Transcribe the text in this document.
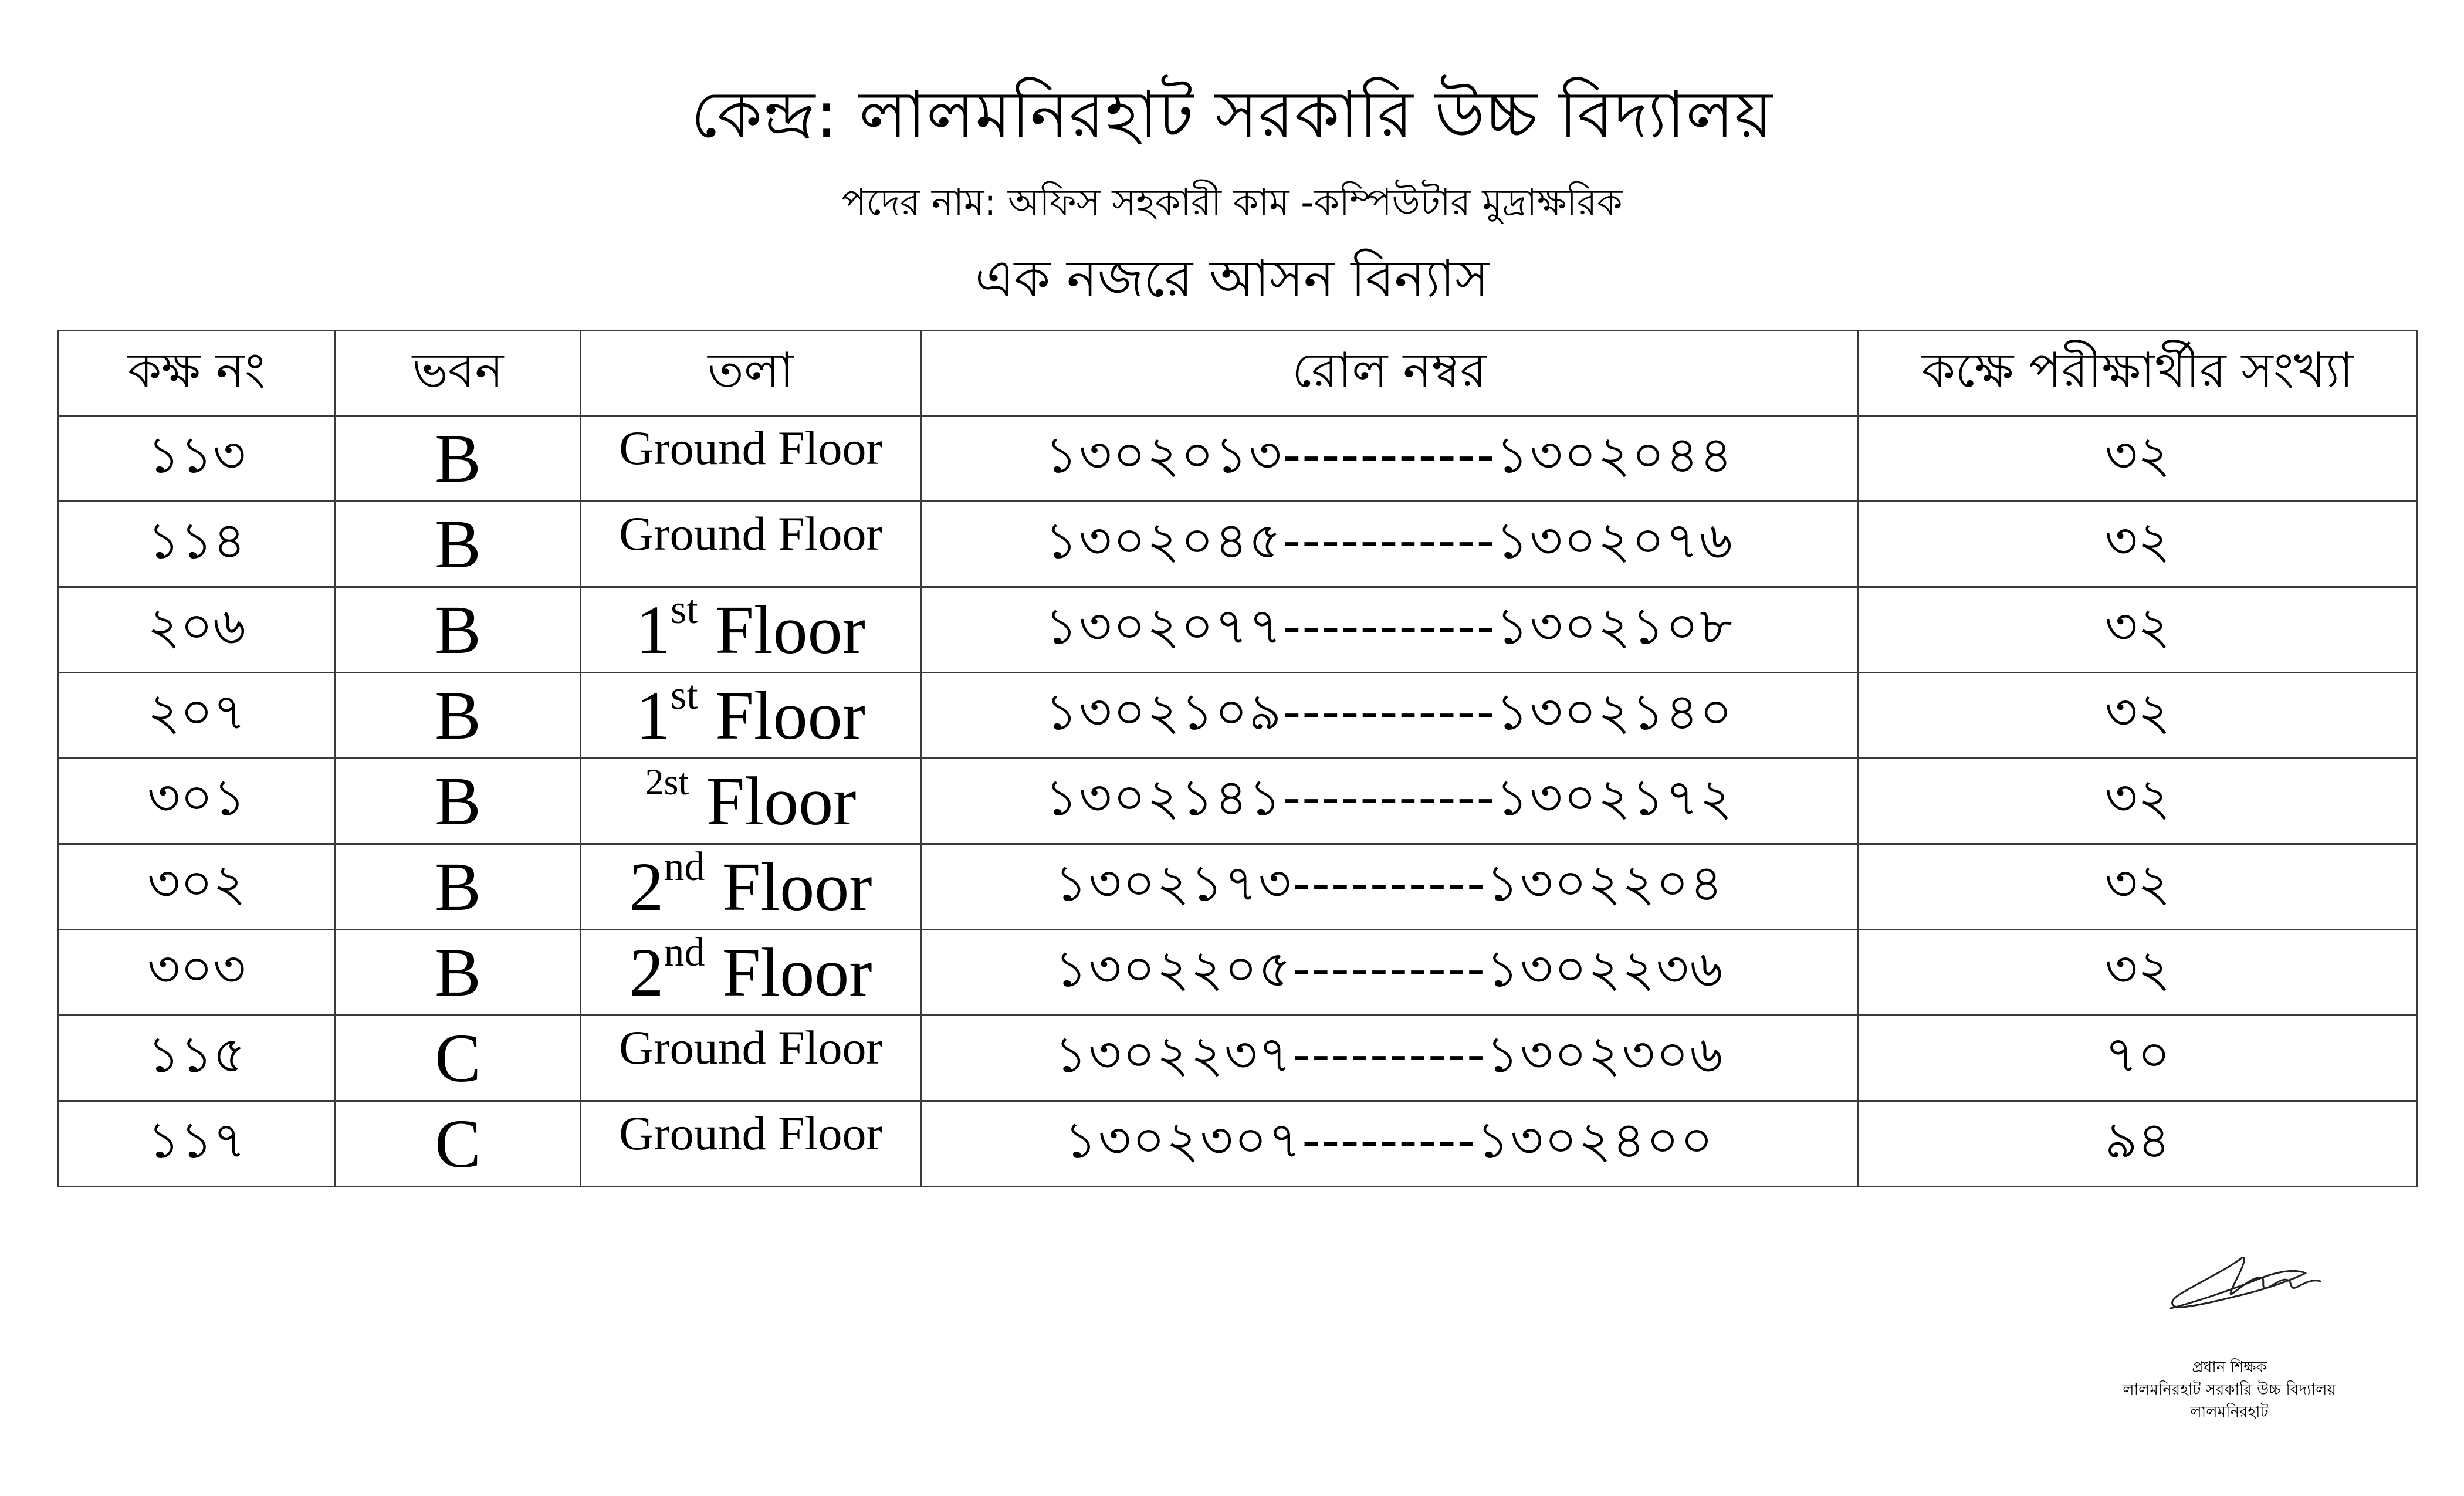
কেন্দ্র: লালমনিরহাট সরকারি উচ্চ বিদ্যালয়
পদের নাম: অফিস সহকারী কাম -কম্পিউটার মুদ্রাক্ষরিক
এক নজরে আসন বিন্যাস
কক্ষ নং	ভবন	তলা	রোল নম্বর	কক্ষে পরীক্ষার্থীর সংখ্যা
১১৩	B	Ground Floor	১৩০২০১৩-----------১৩০২০৪৪	৩২
১১৪	B	Ground Floor	১৩০২০৪৫-----------১৩০২০৭৬	৩২
২০৬	B	1st Floor	১৩০২০৭৭-----------১৩০২১০৮	৩২
২০৭	B	1st Floor	১৩০২১০৯-----------১৩০২১৪০	৩২
৩০১	B	$^{2st}$ Floor	১৩০২১৪১-----------১৩০২১৭২	৩২
৩০২	B	2nd Floor	১৩০২১৭৩----------১৩০২২০৪	৩২
৩০৩	B	2nd Floor	১৩০২২০৫----------১৩০২২৩৬	৩২
১১৫	C	Ground Floor	১৩০২২৩৭----------১৩০২৩০৬	৭০
১১৭	C	Ground Floor	১৩০২৩০৭---------১৩০২৪০০	৯৪
প্রধান শিক্ষক
লালমনিরহাট সরকারি উচ্চ বিদ্যালয়
লালমনিরহাট
